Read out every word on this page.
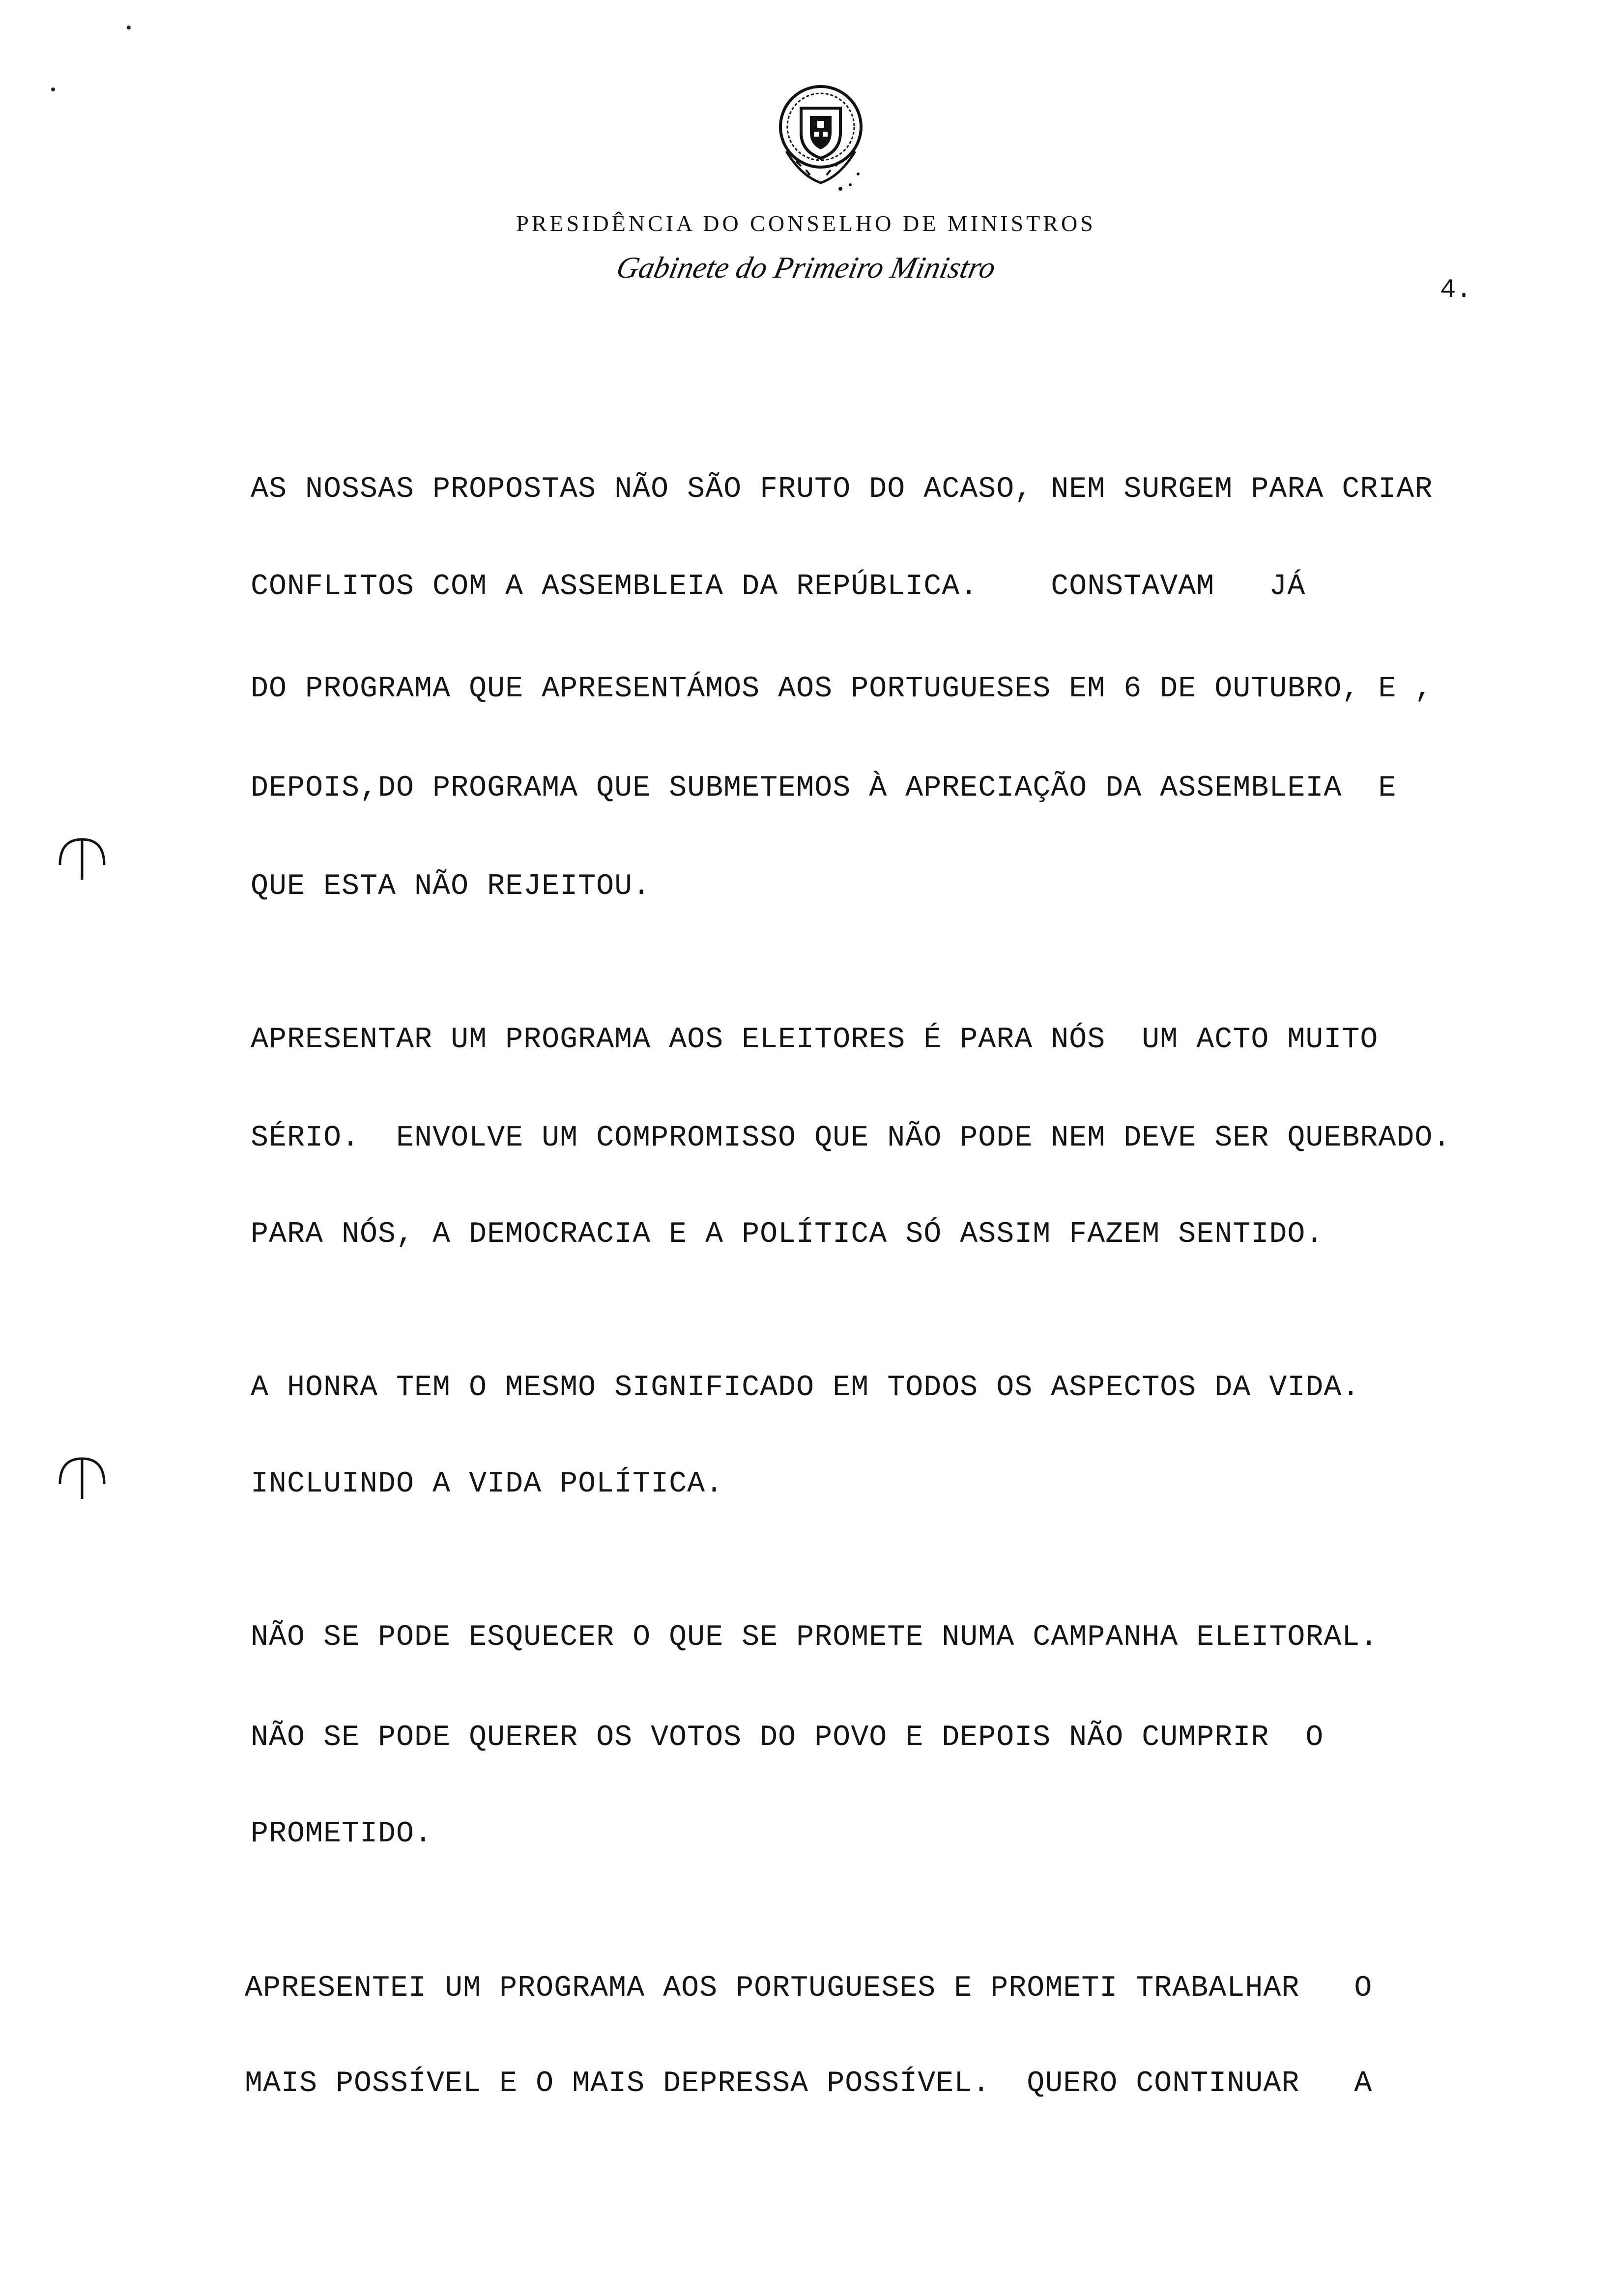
PRESIDÊNCIA DO CONSELHO DE MINISTROS
Gabinete do Primeiro Ministro
4.
AS NOSSAS PROPOSTAS NÃO SÃO FRUTO DO ACASO, NEM SURGEM PARA CRIAR
CONFLITOS COM A ASSEMBLEIA DA REPÚBLICA.    CONSTAVAM   JÁ
DO PROGRAMA QUE APRESENTÁMOS AOS PORTUGUESES EM 6 DE OUTUBRO, E ,
DEPOIS,DO PROGRAMA QUE SUBMETEMOS À APRECIAÇÃO DA ASSEMBLEIA  E
QUE ESTA NÃO REJEITOU.
APRESENTAR UM PROGRAMA AOS ELEITORES É PARA NÓS  UM ACTO MUITO
SÉRIO.  ENVOLVE UM COMPROMISSO QUE NÃO PODE NEM DEVE SER QUEBRADO.
PARA NÓS, A DEMOCRACIA E A POLÍTICA SÓ ASSIM FAZEM SENTIDO.
A HONRA TEM O MESMO SIGNIFICADO EM TODOS OS ASPECTOS DA VIDA.
INCLUINDO A VIDA POLÍTICA.
NÃO SE PODE ESQUECER O QUE SE PROMETE NUMA CAMPANHA ELEITORAL.
NÃO SE PODE QUERER OS VOTOS DO POVO E DEPOIS NÃO CUMPRIR  O
PROMETIDO.
APRESENTEI UM PROGRAMA AOS PORTUGUESES E PROMETI TRABALHAR   O
MAIS POSSÍVEL E O MAIS DEPRESSA POSSÍVEL.  QUERO CONTINUAR   A
